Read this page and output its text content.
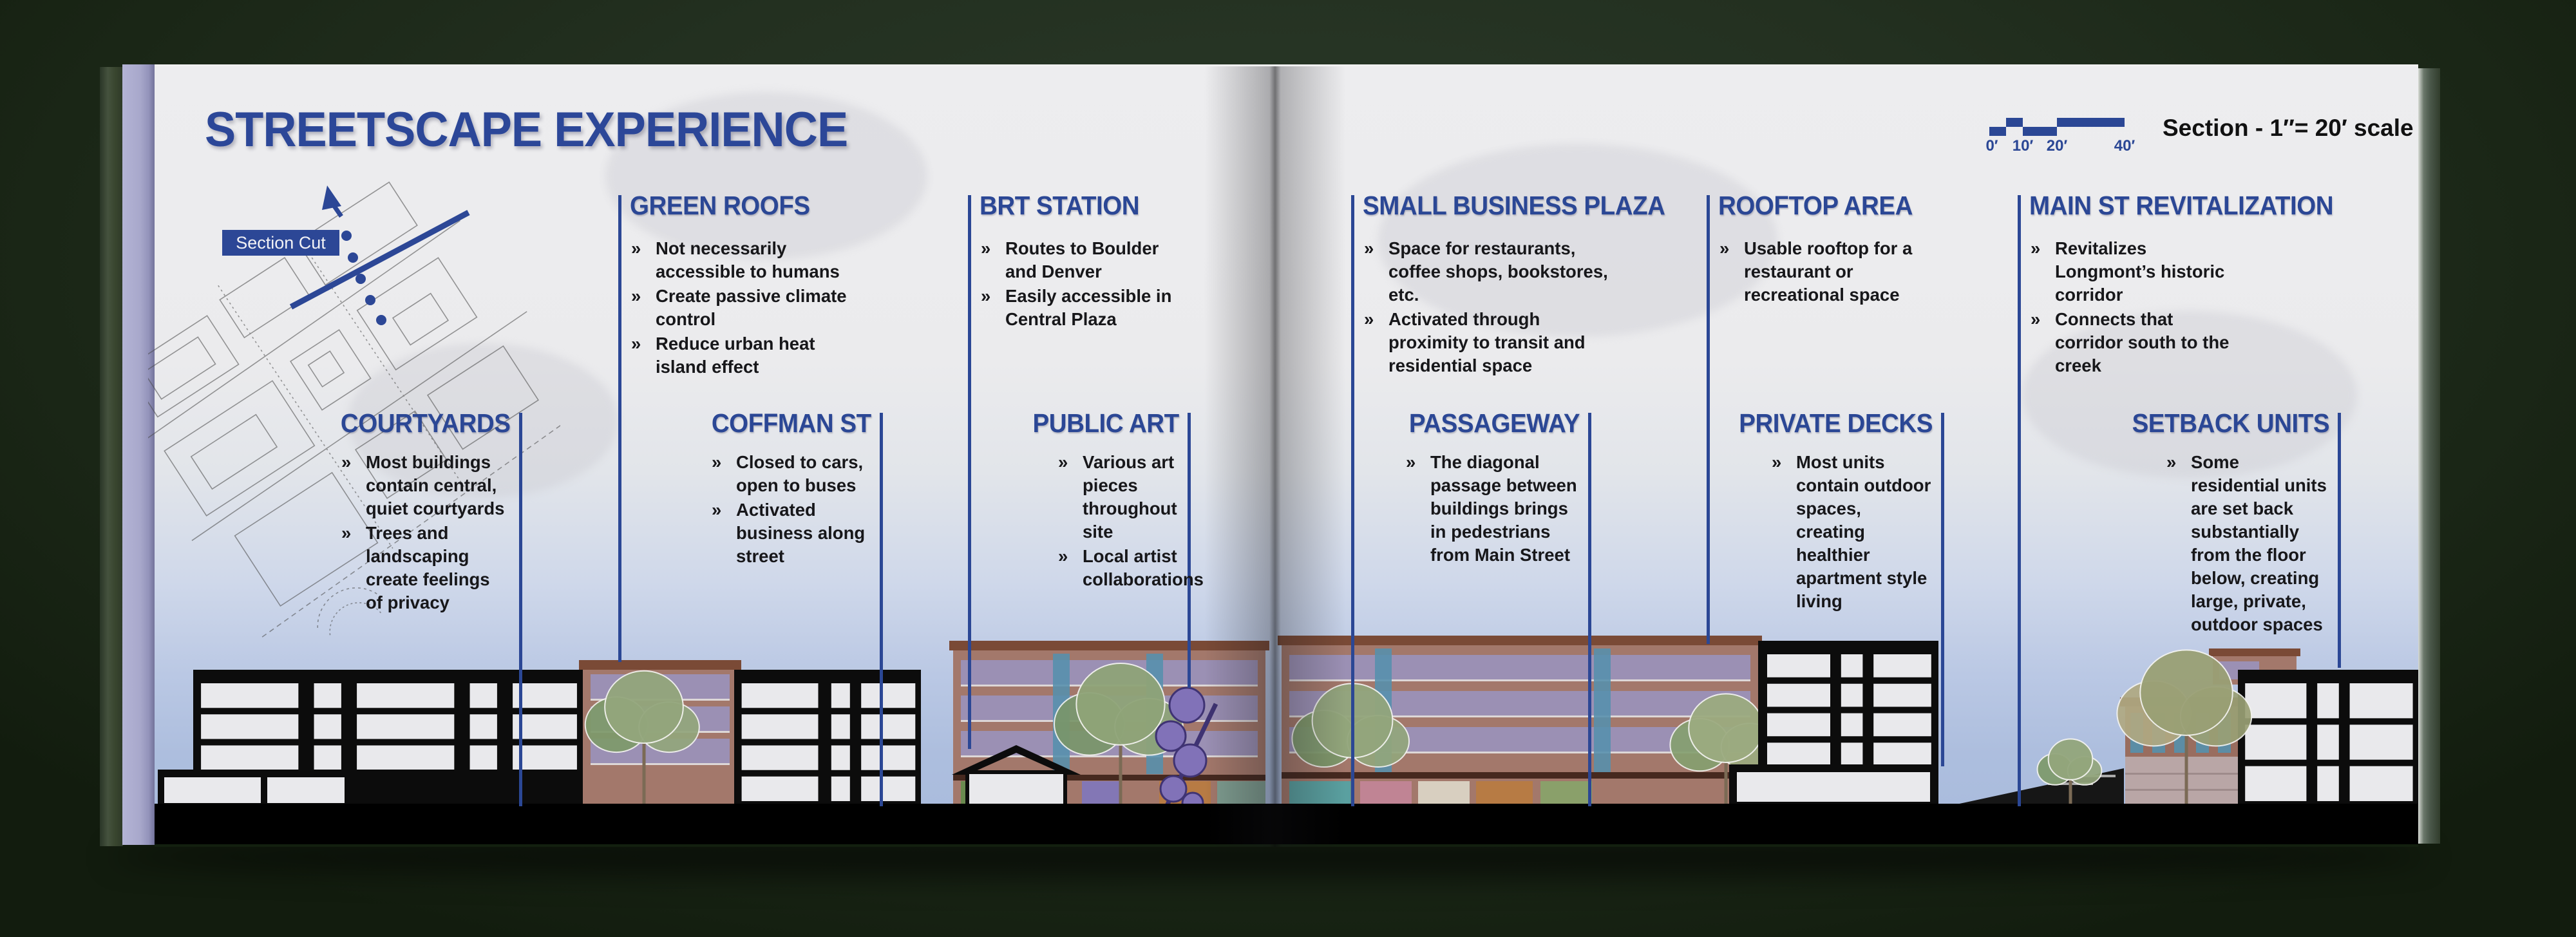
STREETSCAPE EXPERIENCE
Section Cut
0′ 10′ 20′	40′
Section - 1″= 20′ scale
GREEN ROOFS
» Not necessarily accessible to humans
» Create passive climate control
» Reduce urban heat island effect
BRT STATION
» Routes to Boulder and Denver
» Easily accessible in Central Plaza
SMALL BUSINESS PLAZA
» Space for restaurants, coffee shops, bookstores, etc.
» Activated through proximity to transit and residential space
ROOFTOP AREA
» Usable rooftop for a restaurant or recreational space
MAIN ST REVITALIZATION
» Revitalizes Longmont’s historic corridor
» Connects that corridor south to the creek
COURTYARDS
» Most buildings contain central, quiet courtyards
» Trees and landscaping create feelings of privacy
COFFMAN ST
» Closed to cars, open to buses
» Activated business along street
PUBLIC ART
» Various art pieces throughout site
» Local artist collaborations
PASSAGEWAY
» The diagonal passage between buildings brings in pedestrians from Main Street
PRIVATE DECKS
» Most units contain outdoor spaces, creating healthier apartment style living
SETBACK UNITS
» Some residential units are set back substantially from the floor below, creating large, private, outdoor spaces
